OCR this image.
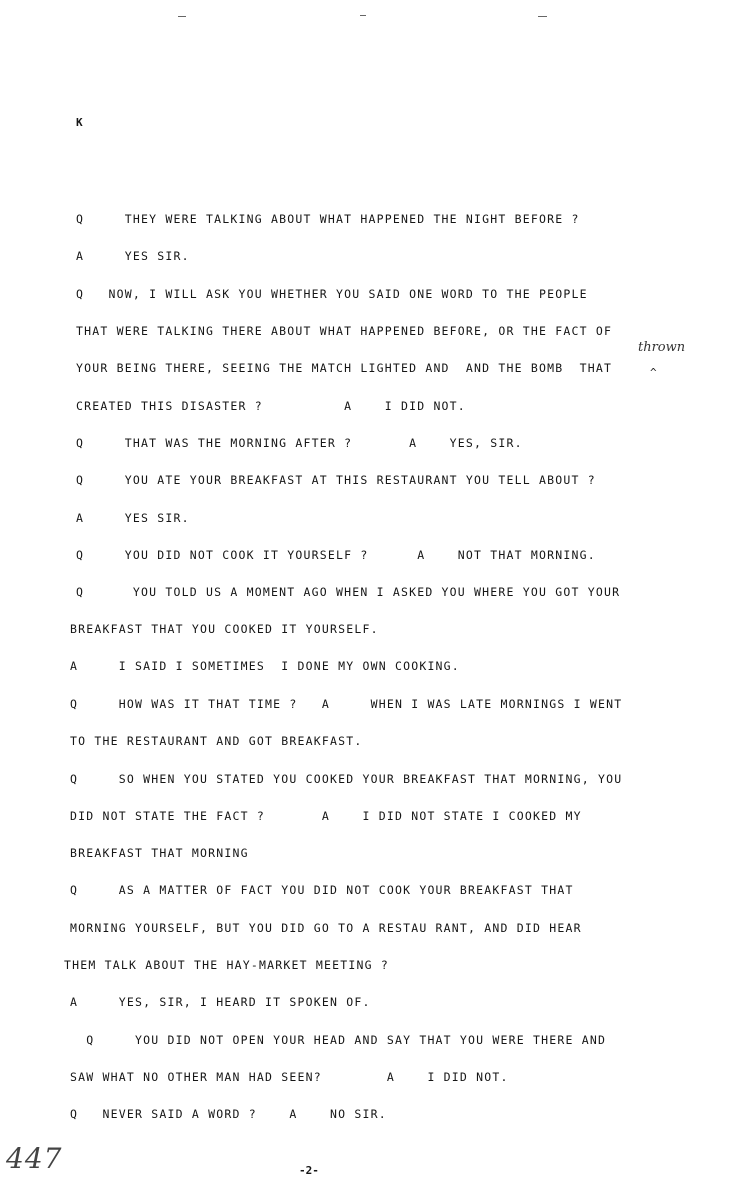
K
Q     THEY WERE TALKING ABOUT WHAT HAPPENED THE NIGHT BEFORE ?
A     YES SIR.
Q   NOW, I WILL ASK YOU WHETHER YOU SAID ONE WORD TO THE PEOPLE
THAT WERE TALKING THERE ABOUT WHAT HAPPENED BEFORE, OR THE FACT OF
YOUR BEING THERE, SEEING THE MATCH LIGHTED AND  AND THE BOMB  THAT
thrown
^
CREATED THIS DISASTER ?          A    I DID NOT.
Q     THAT WAS THE MORNING AFTER ?       A    YES, SIR.
Q     YOU ATE YOUR BREAKFAST AT THIS RESTAURANT YOU TELL ABOUT ?
A     YES SIR.
Q     YOU DID NOT COOK IT YOURSELF ?      A    NOT THAT MORNING.
Q      YOU TOLD US A MOMENT AGO WHEN I ASKED YOU WHERE YOU GOT YOUR
BREAKFAST THAT YOU COOKED IT YOURSELF.
A     I SAID I SOMETIMES  I DONE MY OWN COOKING.
Q     HOW WAS IT THAT TIME ?   A     WHEN I WAS LATE MORNINGS I WENT
TO THE RESTAURANT AND GOT BREAKFAST.
Q     SO WHEN YOU STATED YOU COOKED YOUR BREAKFAST THAT MORNING, YOU
DID NOT STATE THE FACT ?       A    I DID NOT STATE I COOKED MY
BREAKFAST THAT MORNING
Q     AS A MATTER OF FACT YOU DID NOT COOK YOUR BREAKFAST THAT
MORNING YOURSELF, BUT YOU DID GO TO A RESTAU RANT, AND DID HEAR
THEM TALK ABOUT THE HAY-MARKET MEETING ?
A     YES, SIR, I HEARD IT SPOKEN OF.
Q     YOU DID NOT OPEN YOUR HEAD AND SAY THAT YOU WERE THERE AND
SAW WHAT NO OTHER MAN HAD SEEN?        A    I DID NOT.
Q   NEVER SAID A WORD ?    A    NO SIR.
447	-2-
